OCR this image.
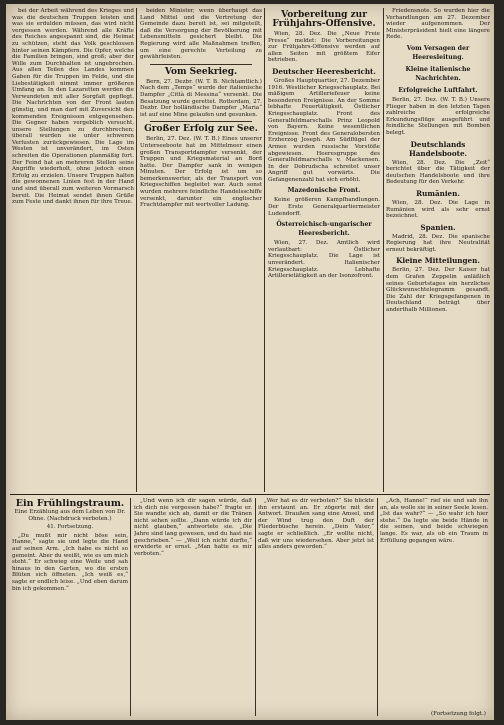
bei der Arbeit während des Krieges und was die deutschen Truppen leisten und was sie erdulden müssen, das wird nicht vergessen werden. Während alle Kräfte des Reiches angespannt sind, die Heimat zu schützen, steht das Volk geschlossen hinter seinen Kämpfern. Die Opfer, welche die Familien bringen, sind groß; aber der Wille zum Durchhalten ist ungebrochen. Aus allen Teilen des Landes kommen Gaben für die Truppen im Felde, und die Liebestätigkeit nimmt immer größeren Umfang an. In den Lazaretten werden die Verwundeten mit aller Sorgfalt gepflegt. Die Nachrichten von der Front lauten günstig, und man darf mit Zuversicht den kommenden Ereignissen entgegensehen. Die Gegner haben vergeblich versucht, unsere Stellungen zu durchbrechen; überall wurden sie unter schweren Verlusten zurückgewiesen. Die Lage im Westen ist unverändert, im Osten schreiten die Operationen planmäßig fort. Der Feind hat an mehreren Stellen seine Angriffe wiederholt, ohne jedoch einen Erfolg zu erzielen. Unsere Truppen halten die gewonnenen Linien fest in der Hand und sind überall zum weiteren Vormarsch bereit. Die Heimat sendet ihnen Grüße zum Feste und dankt ihnen für ihre Treue.

beiden Minister, wenn überhaupt das Land Mittel und die Vertretung der Gemeinde dazu bereit ist, sei mitgeteilt, daß die Versorgung der Bevölkerung mit Lebensmitteln gesichert bleibt. Die Regierung wird alle Maßnahmen treffen, um eine gerechte Verteilung zu gewährleisten.

Vom Seekrieg.

Bern, 27. Dezbr. (W. T. B. Nichtamtlich.) Nach dem „Temps“ wurde der italienische Dampfer „Città di Messina“ versenkt. Die Besatzung wurde gerettet. Rotterdam, 27. Dezbr. Der holländische Dampfer „Maria“ ist auf eine Mine gelaufen und gesunken.

Großer Erfolg zur See.

Berlin, 27. Dez. (W. T. B.) Eines unserer Unterseeboote hat im Mittelmeer einen großen Transportdampfer versenkt, der Truppen und Kriegsmaterial an Bord hatte. Der Dampfer sank in wenigen Minuten. Der Erfolg ist um so bemerkenswerter, als der Transport von Kriegsschiffen begleitet war. Auch sonst wurden mehrere feindliche Handelsschiffe versenkt, darunter ein englischer Frachtdampfer mit wertvoller Ladung.

Vorbereitung zur Frühjahrs-Offensive.

Wien, 28. Dez. Die „Neue Freie Presse“ meldet: Die Vorbereitungen zur Frühjahrs-Offensive werden auf allen Seiten mit größtem Eifer betrieben.

Deutscher Heeresbericht.

Großes Hauptquartier, 27. Dezember 1916. Westlicher Kriegsschauplatz. Bei mäßigem Artilleriefeuer keine besonderen Ereignisse. An der Somme lebhafte Feuertätigkeit. Östlicher Kriegsschauplatz. Front des Generalfeldmarschalls Prinz Leopold von Bayern. Keine wesentlichen Ereignisse. Front des Generalobersten Erzherzog Joseph. Am Südflügel der Armee wurden russische Vorstöße abgewiesen. Heeresgruppe des Generalfeldmarschalls v. Mackensen. In der Dobrudscha schreitet unser Angriff gut vorwärts. Die Gefangenenzahl hat sich erhöht.

Mazedonische Front.

Keine größeren Kampfhandlungen. Der Erste Generalquartiermeister Ludendorff.

Österreichisch-ungarischer Heeresbericht.

Wien, 27. Dez. Amtlich wird verlautbart: Östlicher Kriegsschauplatz. Die Lage ist unverändert. Italienischer Kriegsschauplatz. Lebhafte Artillerietätigkeit an der Isonzofront.

Friedensnote. So wurden hier die Verhandlungen am 27. Dezember wieder aufgenommen. Der Ministerpräsident hielt eine längere Rede.

Vom Versagen der Heeresleitung.
Kleine italienische Nachrichten.
Erfolgreiche Luftfahrt.

Berlin, 27. Dez. (W. T. B.) Unsere Flieger haben in den letzten Tagen zahlreiche erfolgreiche Erkundungsflüge ausgeführt und feindliche Stellungen mit Bomben belegt.

Deutschlands Handelsboote.

Wien, 28. Dez. Die „Zeit“ berichtet über die Tätigkeit der deutschen Handelsboote und ihre Bedeutung für den Verkehr.

Rumänien.

Wien, 28. Dez. Die Lage in Rumänien wird als sehr ernst bezeichnet.

Spanien.

Madrid, 28. Dez. Die spanische Regierung hat ihre Neutralität erneut bekräftigt.

Kleine Mitteilungen.

Berlin, 27. Dez. Der Kaiser hat dem Grafen Zeppelin anläßlich seines Geburtstages ein herzliches Glückwunschtelegramm gesandt. Die Zahl der Kriegsgefangenen in Deutschland beträgt über anderthalb Millionen.

Ein Frühlingstraum.
Eine Erzählung aus dem Leben von Dr. Ohne. (Nachdruck verboten.)
41. Fortsetzung.

„Du mußt mir nicht böse sein, Hanne,“ sagte sie und legte die Hand auf seinen Arm. „Ich habe es nicht so gemeint. Aber du weißt, wie es um mich steht.“ Er schwieg eine Weile und sah hinaus in den Garten, wo die ersten Blüten sich öffneten. „Ich weiß es,“ sagte er endlich leise. „Und eben darum bin ich gekommen.“

„Und wenn ich dir sagen würde, daß ich dich nie vergessen habe?“ fragte er. Sie wandte sich ab, damit er die Tränen nicht sehen sollte. „Dann würde ich dir nicht glauben,“ antwortete sie. „Die Jahre sind lang gewesen, und du hast nie geschrieben.“ — „Weil ich nicht durfte,“ erwiderte er ernst. „Man hatte es mir verboten.“

„Wer hat es dir verboten?“ Sie blickte ihn erstaunt an. Er zögerte mit der Antwort. Draußen sang eine Amsel, und der Wind trug den Duft der Fliederbüsche herein. „Dein Vater,“ sagte er schließlich. „Er wollte nicht, daß wir uns wiedersehen. Aber jetzt ist alles anders geworden.“

„Ach, Hanne!“ rief sie und sah ihn an, als wolle sie in seiner Seele lesen. „Ist das wahr?“ — „So wahr ich hier stehe.“ Da legte sie beide Hände in die seinen, und beide schwiegen lange. Es war, als ob ein Traum in Erfüllung gegangen wäre.

(Fortsetzung folgt.)
